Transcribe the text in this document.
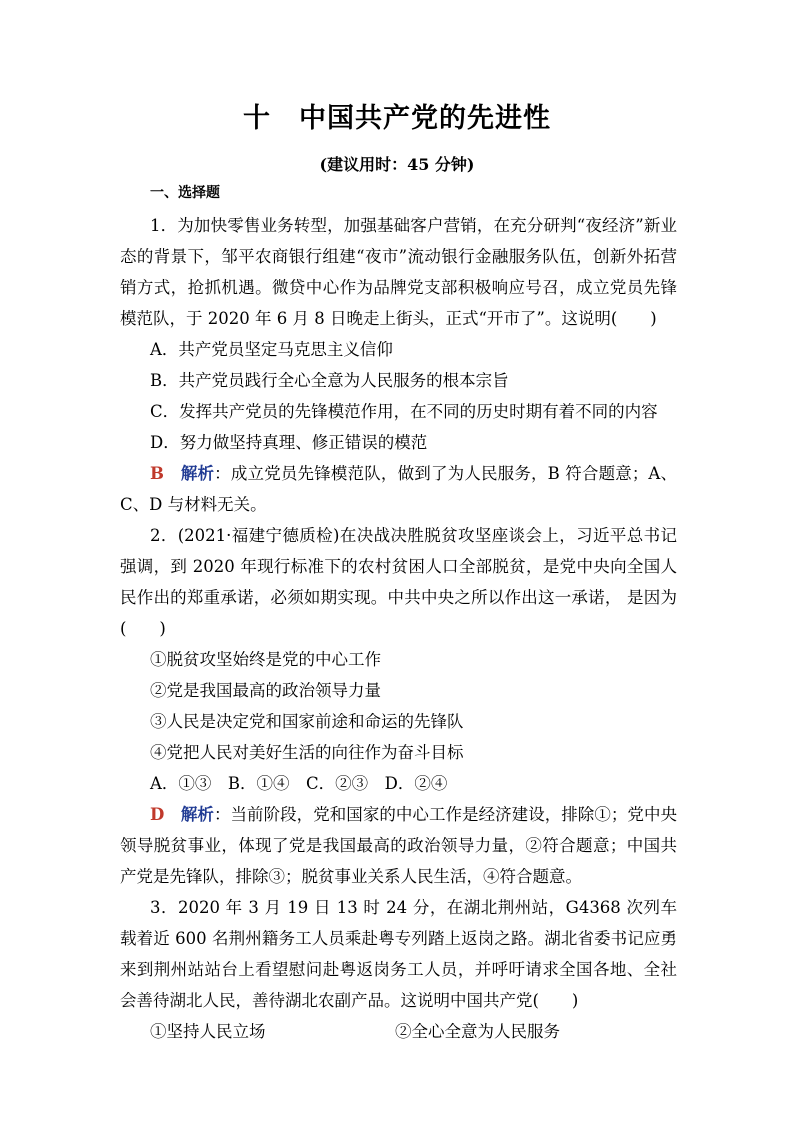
十　中国共产党的先进性
(建议用时：45 分钟)
一、选择题

1．为加快零售业务转型，加强基础客户营销，在充分研判“夜经济”新业态的背景下，邹平农商银行组建“夜市”流动银行金融服务队伍，创新外拓营销方式，抢抓机遇。微贷中心作为品牌党支部积极响应号召，成立党员先锋模范队，于 2020 年 6 月 8 日晚走上街头，正式“开市了”。这说明(　　)

A．共产党员坚定马克思主义信仰

B．共产党员践行全心全意为人民服务的根本宗旨

C．发挥共产党员的先锋模范作用，在不同的历史时期有着不同的内容

D．努力做坚持真理、修正错误的模范

B　 解析：成立党员先锋模范队，做到了为人民服务，B 符合题意；A、C、D 与材料无关。

2．(2021·福建宁德质检)在决战决胜脱贫攻坚座谈会上，习近平总书记强调，到 2020 年现行标准下的农村贫困人口全部脱贫，是党中央向全国人民作出的郑重承诺，必须如期实现。中共中央之所以作出这一承诺， 是因为(　　)

①脱贫攻坚始终是党的中心工作

②党是我国最高的政治领导力量

③人民是决定党和国家前途和命运的先锋队

④党把人民对美好生活的向往作为奋斗目标

A．①③　B．①④　C．②③　D．②④

D　 解析：当前阶段，党和国家的中心工作是经济建设，排除①；党中央领导脱贫事业，体现了党是我国最高的政治领导力量，②符合题意；中国共产党是先锋队，排除③；脱贫事业关系人民生活，④符合题意。

3．2020 年 3 月 19 日 13 时 24 分，在湖北荆州站，G4368 次列车载着近 600 名荆州籍务工人员乘赴粤专列踏上返岗之路。湖北省委书记应勇来到荆州站站台上看望慰问赴粤返岗务工人员，并呼吁请求全国各地、全社会善待湖北人民，善待湖北农副产品。这说明中国共产党(　　)

①坚持人民立场	②全心全意为人民服务
